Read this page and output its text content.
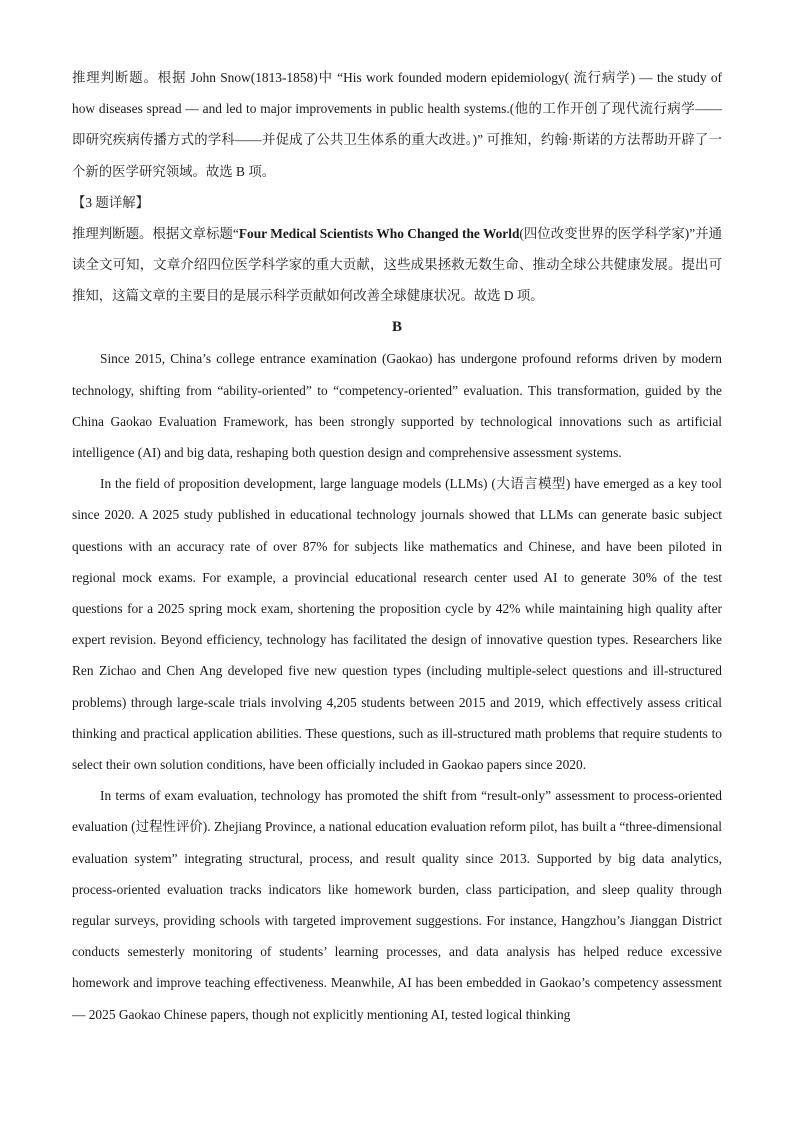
推理判断题。根据 John Snow(1813-1858)中 “His work founded modern epidemiology( 流行病学) — the study of how diseases spread — and led to major improvements in public health systems.(他的工作开创了现代流行病学——即研究疾病传播方式的学科——并促成了公共卫生体系的重大改进。)” 可推知，约翰·斯诺的方法帮助开辟了一个新的医学研究领域。故选 B 项。

【3 题详解】

推理判断题。根据文章标题“Four Medical Scientists Who Changed the World(四位改变世界的医学科学家)”并通读全文可知，文章介绍四位医学科学家的重大贡献，这些成果拯救无数生命、推动全球公共健康发展。提出可推知，这篇文章的主要目的是展示科学贡献如何改善全球健康状况。故选 D 项。

B

Since 2015, China’s college entrance examination (Gaokao) has undergone profound reforms driven by modern technology, shifting from “ability-oriented” to “competency-oriented” evaluation. This transformation, guided by the China Gaokao Evaluation Framework, has been strongly supported by technological innovations such as artificial intelligence (AI) and big data, reshaping both question design and comprehensive assessment systems.

In the field of proposition development, large language models (LLMs) (大语言模型) have emerged as a key tool since 2020. A 2025 study published in educational technology journals showed that LLMs can generate basic subject questions with an accuracy rate of over 87% for subjects like mathematics and Chinese, and have been piloted in regional mock exams. For example, a provincial educational research center used AI to generate 30% of the test questions for a 2025 spring mock exam, shortening the proposition cycle by 42% while maintaining high quality after expert revision. Beyond efficiency, technology has facilitated the design of innovative question types. Researchers like Ren Zichao and Chen Ang developed five new question types (including multiple-select questions and ill-structured problems) through large-scale trials involving 4,205 students between 2015 and 2019, which effectively assess critical thinking and practical application abilities. These questions, such as ill-structured math problems that require students to select their own solution conditions, have been officially included in Gaokao papers since 2020.

In terms of exam evaluation, technology has promoted the shift from “result-only” assessment to process-oriented evaluation (过程性评价). Zhejiang Province, a national education evaluation reform pilot, has built a “three-dimensional evaluation system” integrating structural, process, and result quality since 2013. Supported by big data analytics, process-oriented evaluation tracks indicators like homework burden, class participation, and sleep quality through regular surveys, providing schools with targeted improvement suggestions. For instance, Hangzhou’s Jianggan District conducts semesterly monitoring of students’ learning processes, and data analysis has helped reduce excessive homework and improve teaching effectiveness. Meanwhile, AI has been embedded in Gaokao’s competency assessment — 2025 Gaokao Chinese papers, though not explicitly mentioning AI, tested logical thinking
